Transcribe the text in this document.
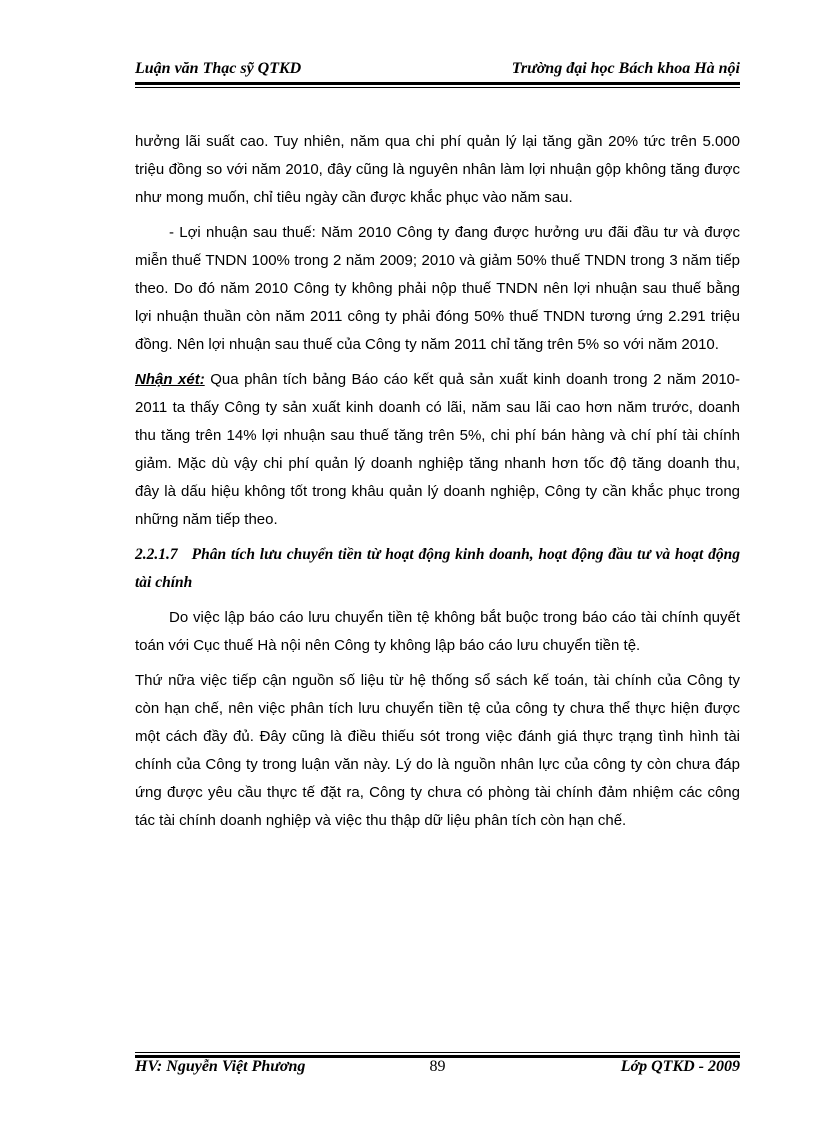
Luận văn Thạc sỹ QTKD	Trường đại học Bách khoa Hà nội

hưởng lãi suất cao. Tuy nhiên, năm qua chi phí quản lý lại tăng gần 20% tức trên 5.000 triệu đồng so với năm 2010, đây cũng là nguyên nhân làm lợi nhuận gộp không tăng được như mong muốn, chỉ tiêu ngày cần được khắc phục vào năm sau.

- Lợi nhuận sau thuế: Năm 2010 Công ty đang được hưởng ưu đãi đầu tư và được miễn thuế TNDN 100% trong 2 năm 2009; 2010 và giảm 50% thuế TNDN trong 3 năm tiếp theo. Do đó năm 2010 Công ty không phải nộp thuế TNDN nên lợi nhuận sau thuế bằng lợi nhuận thuần còn năm 2011 công ty phải đóng 50% thuế TNDN tương ứng 2.291 triệu đồng. Nên lợi nhuận sau thuế của Công ty năm 2011 chỉ tăng trên 5% so với năm 2010.

Nhận xét: Qua phân tích bảng Báo cáo kết quả sản xuất kinh doanh trong 2 năm 2010-2011 ta thấy Công ty sản xuất kinh doanh có lãi, năm sau lãi cao hơn năm trước, doanh thu tăng trên 14% lợi nhuận sau thuế tăng trên 5%, chi phí bán hàng và chí phí tài chính giảm. Mặc dù vậy chi phí quản lý doanh nghiệp tăng nhanh hơn tốc độ tăng doanh thu, đây là dấu hiệu không tốt trong khâu quản lý doanh nghiệp, Công ty cần khắc phục trong những năm tiếp theo.

2.2.1.7 Phân tích lưu chuyển tiền từ hoạt động kinh doanh, hoạt động đầu tư và hoạt động tài chính

Do việc lập báo cáo lưu chuyển tiền tệ không bắt buộc trong báo cáo tài chính quyết toán với Cục thuế Hà nội nên Công ty không lập báo cáo lưu chuyển tiền tệ.

Thứ nữa việc tiếp cận nguồn số liệu từ hệ thống sổ sách kế toán, tài chính của Công ty còn hạn chế, nên việc phân tích lưu chuyển tiền tệ của công ty chưa thể thực hiện được một cách đầy đủ. Đây cũng là điều thiếu sót trong việc đánh giá thực trạng tình hình tài chính của Công ty trong luận văn này. Lý do là nguồn nhân lực của công ty còn chưa đáp ứng được yêu cầu thực tế đặt ra, Công ty chưa có phòng tài chính đảm nhiệm các công tác tài chính doanh nghiệp và việc thu thập dữ liệu phân tích còn hạn chế.

HV: Nguyễn Việt Phương	89	Lớp QTKD - 2009
